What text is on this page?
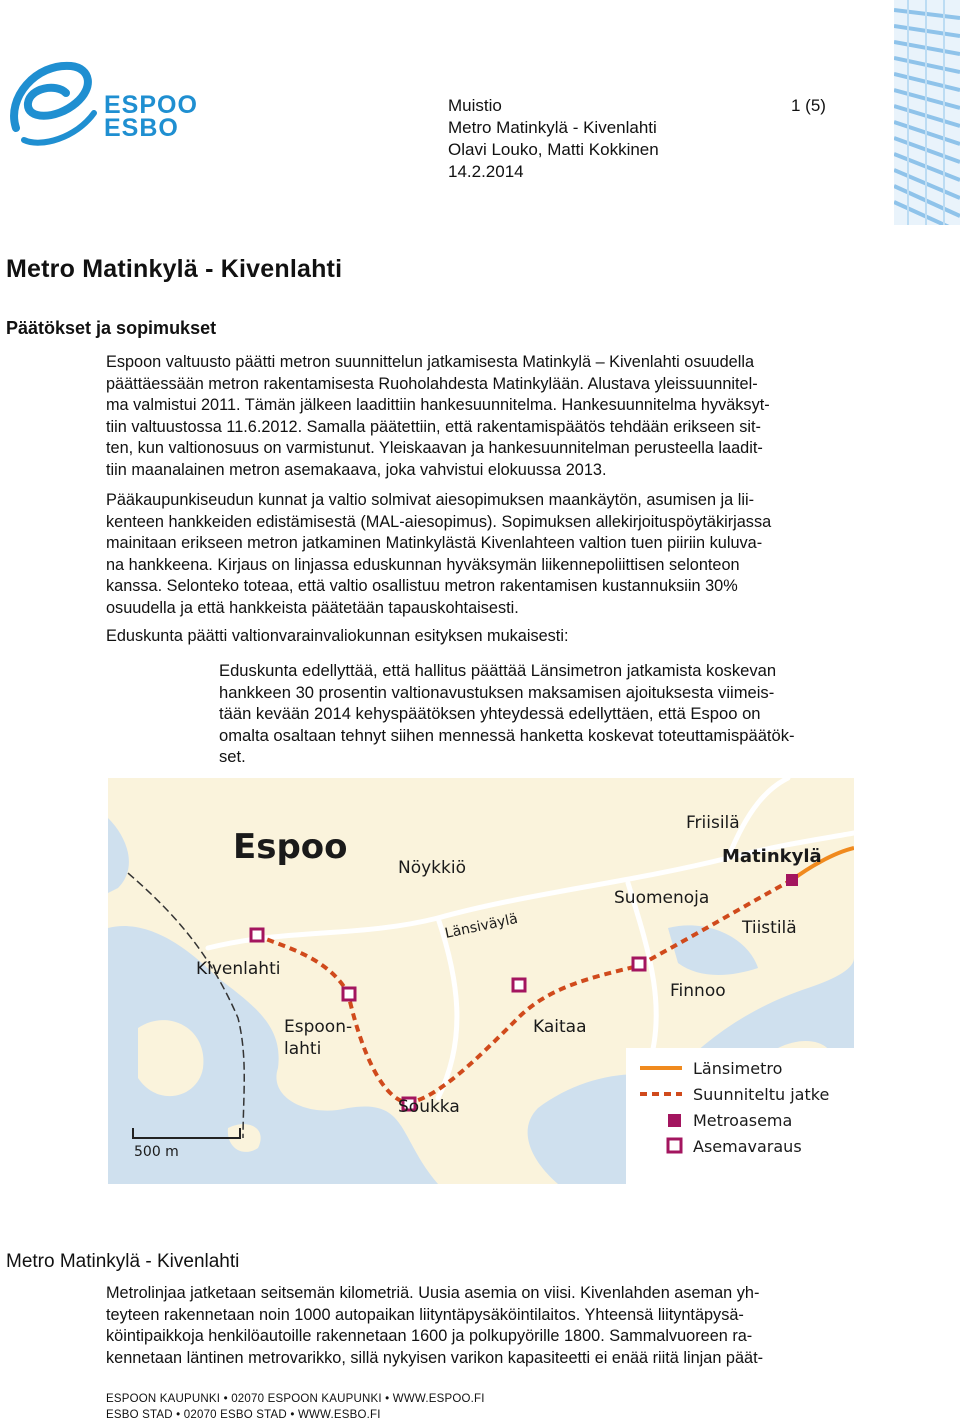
ESPOO
ESBO
Muistio	1 (5)
Metro Matinkylä - Kivenlahti
Olavi Louko, Matti Kokkinen
14.2.2014
Metro Matinkylä - Kivenlahti
Päätökset ja sopimukset
Espoon valtuusto päätti metron suunnittelun jatkamisesta Matinkylä – Kivenlahti osuudella
päättäessään metron rakentamisesta Ruoholahdesta Matinkylään. Alustava yleissuunnitel-
ma valmistui 2011. Tämän jälkeen laadittiin hankesuunnitelma. Hankesuunnitelma hyväksyt-
tiin valtuustossa 11.6.2012. Samalla päätettiin, että rakentamispäätös tehdään erikseen sit-
ten, kun valtionosuus on varmistunut. Yleiskaavan ja hankesuunnitelman perusteella laadit-
tiin maanalainen metron asemakaava, joka vahvistui elokuussa 2013.
Pääkaupunkiseudun kunnat ja valtio solmivat aiesopimuksen maankäytön, asumisen ja lii-
kenteen hankkeiden edistämisestä (MAL-aiesopimus). Sopimuksen allekirjoituspöytäkirjassa
mainitaan erikseen metron jatkaminen Matinkylästä Kivenlahteen valtion tuen piiriin kuluva-
na hankkeena. Kirjaus on linjassa eduskunnan hyväksymän liikennepoliittisen selonteon
kanssa. Selonteko toteaa, että valtio osallistuu metron rakentamisen kustannuksiin 30%
osuudella ja että hankkeista päätetään tapauskohtaisesti.
Eduskunta päätti valtionvarainvaliokunnan esityksen mukaisesti:
Eduskunta edellyttää, että hallitus päättää Länsimetron jatkamista koskevan
hankkeen 30 prosentin valtionavustuksen maksamisen ajoituksesta viimeis-
tään kevään 2014 kehyspäätöksen yhteydessä edellyttäen, että Espoo on
omalta osaltaan tehnyt siihen mennessä hanketta koskevat toteuttamispäätök-
set.
Espoo
Friisilä
Nöykkiö
Matinkylä
Suomenoja
Länsiväylä	Tiistilä
Kivenlahti
Finnoo
Espoon-
lahti
Kaitaa
Soukka
500 m
Länsimetro
Suunniteltu jatke
Metroasema
Asemavaraus
Metro Matinkylä - Kivenlahti
Metrolinjaa jatketaan seitsemän kilometriä. Uusia asemia on viisi. Kivenlahden aseman yh-
teyteen rakennetaan noin 1000 autopaikan liityntäpysäköintilaitos. Yhteensä liityntäpysä-
köintipaikkoja henkilöautoille rakennetaan 1600 ja polkupyörille 1800. Sammalvuoreen ra-
kennetaan läntinen metrovarikko, sillä nykyisen varikon kapasiteetti ei enää riitä linjan päät-
ESPOON KAUPUNKI • 02070 ESPOON KAUPUNKI • WWW.ESPOO.FI
ESBO STAD • 02070 ESBO STAD • WWW.ESBO.FI
